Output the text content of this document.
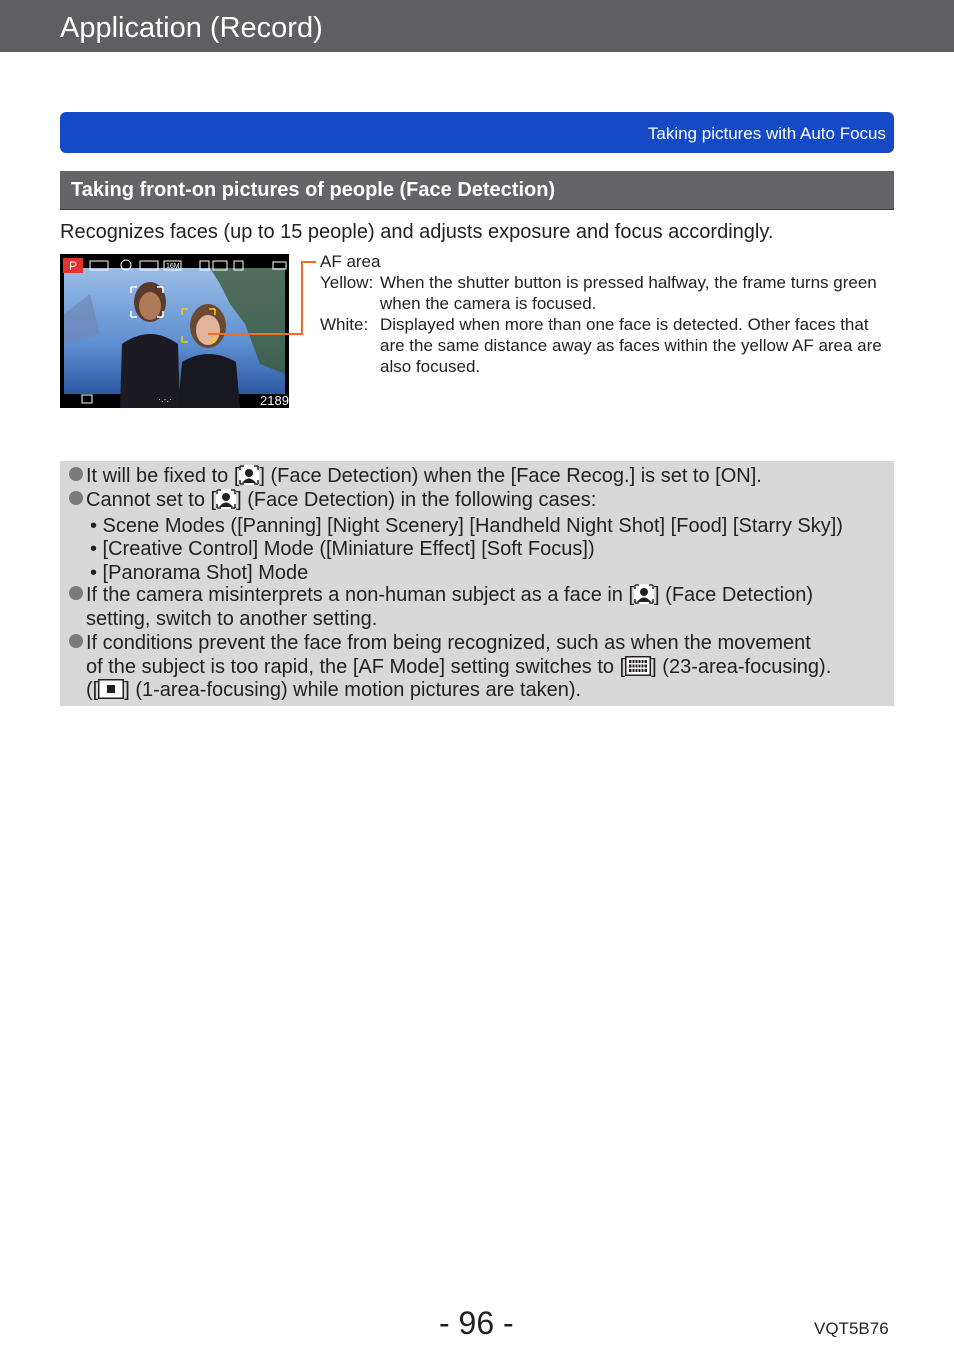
Application (Record)
Taking pictures with Auto Focus
Taking front-on pictures of people (Face Detection)
Recognizes faces (up to 15 people) and adjusts exposure and focus accordingly.
P	16M
·.·.·	2189
AF area
Yellow: When the shutter button is pressed halfway, the frame turns green when the camera is focused.
White: Displayed when more than one face is detected. Other faces that are the same distance away as faces within the yellow AF area are also focused.
It will be fixed to [ ] (Face Detection) when the [Face Recog.] is set to [ON].
Cannot set to [ ] (Face Detection) in the following cases:
• Scene Modes ([Panning] [Night Scenery] [Handheld Night Shot] [Food] [Starry Sky])
• [Creative Control] Mode ([Miniature Effect] [Soft Focus])
• [Panorama Shot] Mode
If the camera misinterprets a non-human subject as a face in [ ] (Face Detection)
setting, switch to another setting.
If conditions prevent the face from being recognized, such as when the movement
of the subject is too rapid, the [AF Mode] setting switches to [ ] (23-area-focusing).
([ ] (1-area-focusing) while motion pictures are taken).
- 96 -	VQT5B76
